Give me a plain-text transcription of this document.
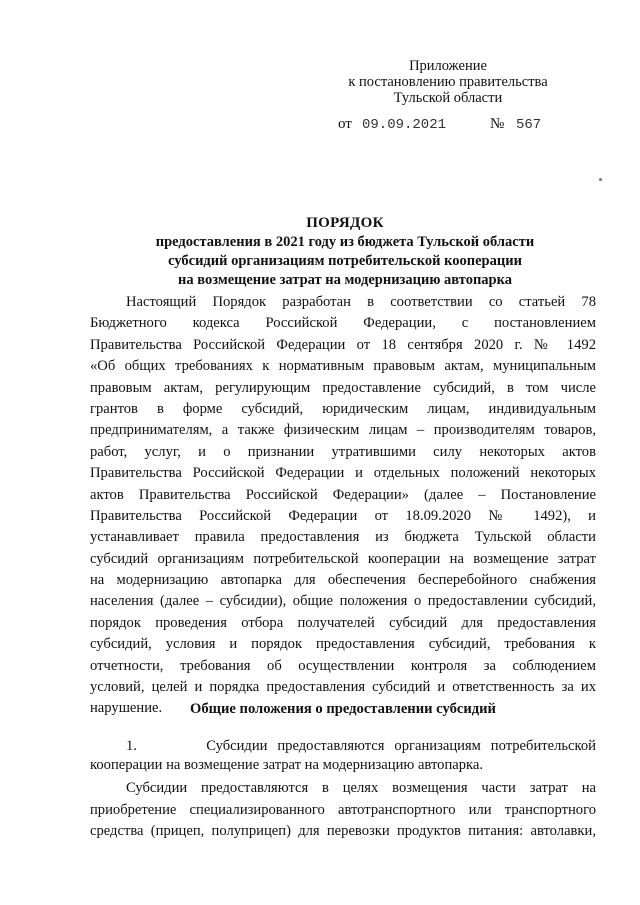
Приложение
к постановлению правительства
Тульской области
от 09.09.2021	№ 567
ПОРЯДОК
предоставления в 2021 году из бюджета Тульской области
субсидий организациям потребительской кооперации
на возмещение затрат на модернизацию автопарка
Настоящий Порядок разработан в соответствии со статьей 78
Бюджетного кодекса Российской Федерации, с постановлением
Правительства Российской Федерации от 18 сентября 2020 г. № 1492
«Об общих требованиях к нормативным правовым актам, муниципальным
правовым актам, регулирующим предоставление субсидий, в том числе
грантов в форме субсидий, юридическим лицам, индивидуальным
предпринимателям, а также физическим лицам – производителям товаров,
работ, услуг, и о признании утратившими силу некоторых актов
Правительства Российской Федерации и отдельных положений некоторых
актов Правительства Российской Федерации» (далее – Постановление
Правительства Российской Федерации от 18.09.2020 № 1492), и
устанавливает правила предоставления из бюджета Тульской области
субсидий организациям потребительской кооперации на возмещение затрат
на модернизацию автопарка для обеспечения бесперебойного снабжения
населения (далее – субсидии), общие положения о предоставлении субсидий,
порядок проведения отбора получателей субсидий для предоставления
субсидий, условия и порядок предоставления субсидий, требования к
отчетности, требования об осуществлении контроля за соблюдением
условий, целей и порядка предоставления субсидий и ответственность за их
нарушение.	Общие положения о предоставлении субсидий
1.	Субсидии предоставляются организациям потребительской
кооперации на возмещение затрат на модернизацию автопарка.
Субсидии предоставляются в целях возмещения части затрат на
приобретение специализированного автотранспортного или транспортного
средства (прицеп, полуприцеп) для перевозки продуктов питания: автолавки,
